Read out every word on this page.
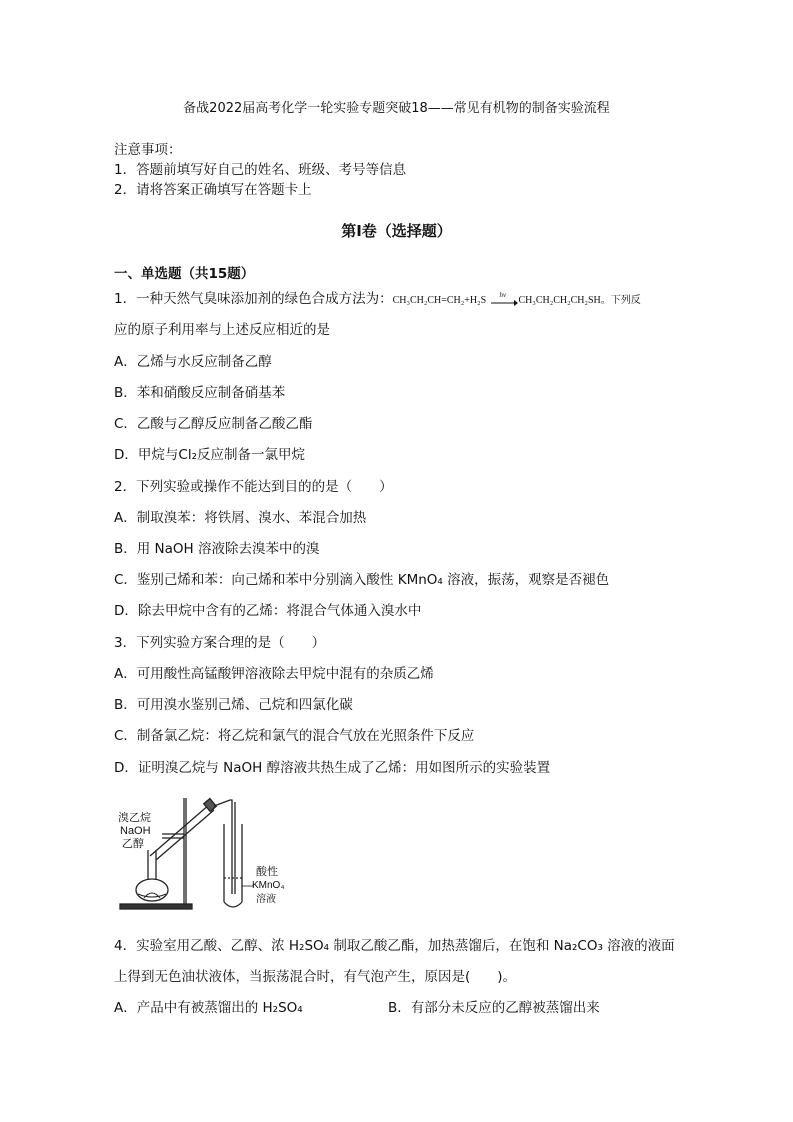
备战2022届高考化学一轮实验专题突破18——常见有机物的制备实验流程
注意事项：
1．答题前填写好自己的姓名、班级、考号等信息
2．请将答案正确填写在答题卡上
第I卷（选择题）
一、单选题（共15题）
1．一种天然气臭味添加剂的绿色合成方法为：CH₃CH₂CH=CH₂+H₂S hν CH₃CH₂CH₂CH₂SH。下列反
应的原子利用率与上述反应相近的是
A．乙烯与水反应制备乙醇
B．苯和硝酸反应制备硝基苯
C．乙酸与乙醇反应制备乙酸乙酯
D．甲烷与Cl₂反应制备一氯甲烷
2．下列实验或操作不能达到目的的是（　　）
A．制取溴苯：将铁屑、溴水、苯混合加热
B．用 NaOH 溶液除去溴苯中的溴
C．鉴别己烯和苯：向己烯和苯中分别滴入酸性 KMnO₄ 溶液，振荡，观察是否褪色
D．除去甲烷中含有的乙烯：将混合气体通入溴水中
3．下列实验方案合理的是（　　）
A．可用酸性高锰酸钾溶液除去甲烷中混有的杂质乙烯
B．可用溴水鉴别己烯、己烷和四氯化碳
C．制备氯乙烷：将乙烷和氯气的混合气放在光照条件下反应
D．证明溴乙烷与 NaOH 醇溶液共热生成了乙烯：用如图所示的实验装置
溴乙烷
NaOH
乙醇
酸性
KMnO₄
溶液
4．实验室用乙酸、乙醇、浓 H₂SO₄ 制取乙酸乙酯，加热蒸馏后，在饱和 Na₂CO₃ 溶液的液面
上得到无色油状液体，当振荡混合时，有气泡产生，原因是(　　)。
A．产品中有被蒸馏出的 H₂SO₄	B．有部分未反应的乙醇被蒸馏出来
